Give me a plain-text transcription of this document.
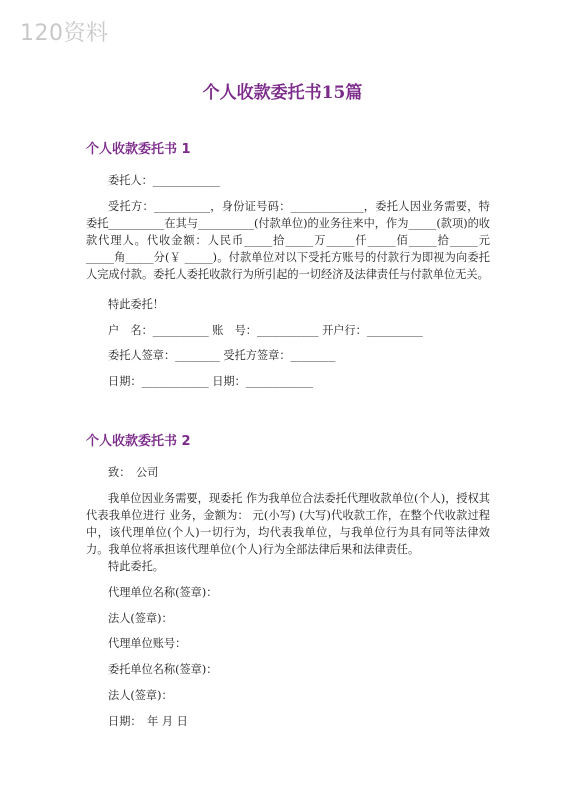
120资料
个人收款委托书15篇
个人收款委托书 1
委托人：____________
受托方：__________，身份证号码：_____________，委托人因业务需要，特委托__________在其与__________(付款单位)的业务往来中，作为_____(款项)的收款代理人。代收金额：人民币_____拾_____万_____仟_____佰_____拾_____元_____角_____分(￥ _____)。付款单位对以下受托方账号的付款行为即视为向委托人完成付款。委托人委托收款行为所引起的一切经济及法律责任与付款单位无关。
特此委托！
户　名：__________ 账　号：___________ 开户行：__________
委托人签章：________ 受托方签章：________
日期：____________ 日期：____________
个人收款委托书 2
致：　公司
我单位因业务需要，现委托 作为我单位合法委托代理收款单位(个人)，授权其代表我单位进行 业务，金额为： 元(小写) (大写)代收款工作，在整个代收款过程中，该代理单位(个人)一切行为，均代表我单位，与我单位行为具有同等法律效力。我单位将承担该代理单位(个人)行为全部法律后果和法律责任。
特此委托。
代理单位名称(签章)：
法人(签章)：
代理单位账号：
委托单位名称(签章)：
法人(签章)：
日期：　年 月 日
